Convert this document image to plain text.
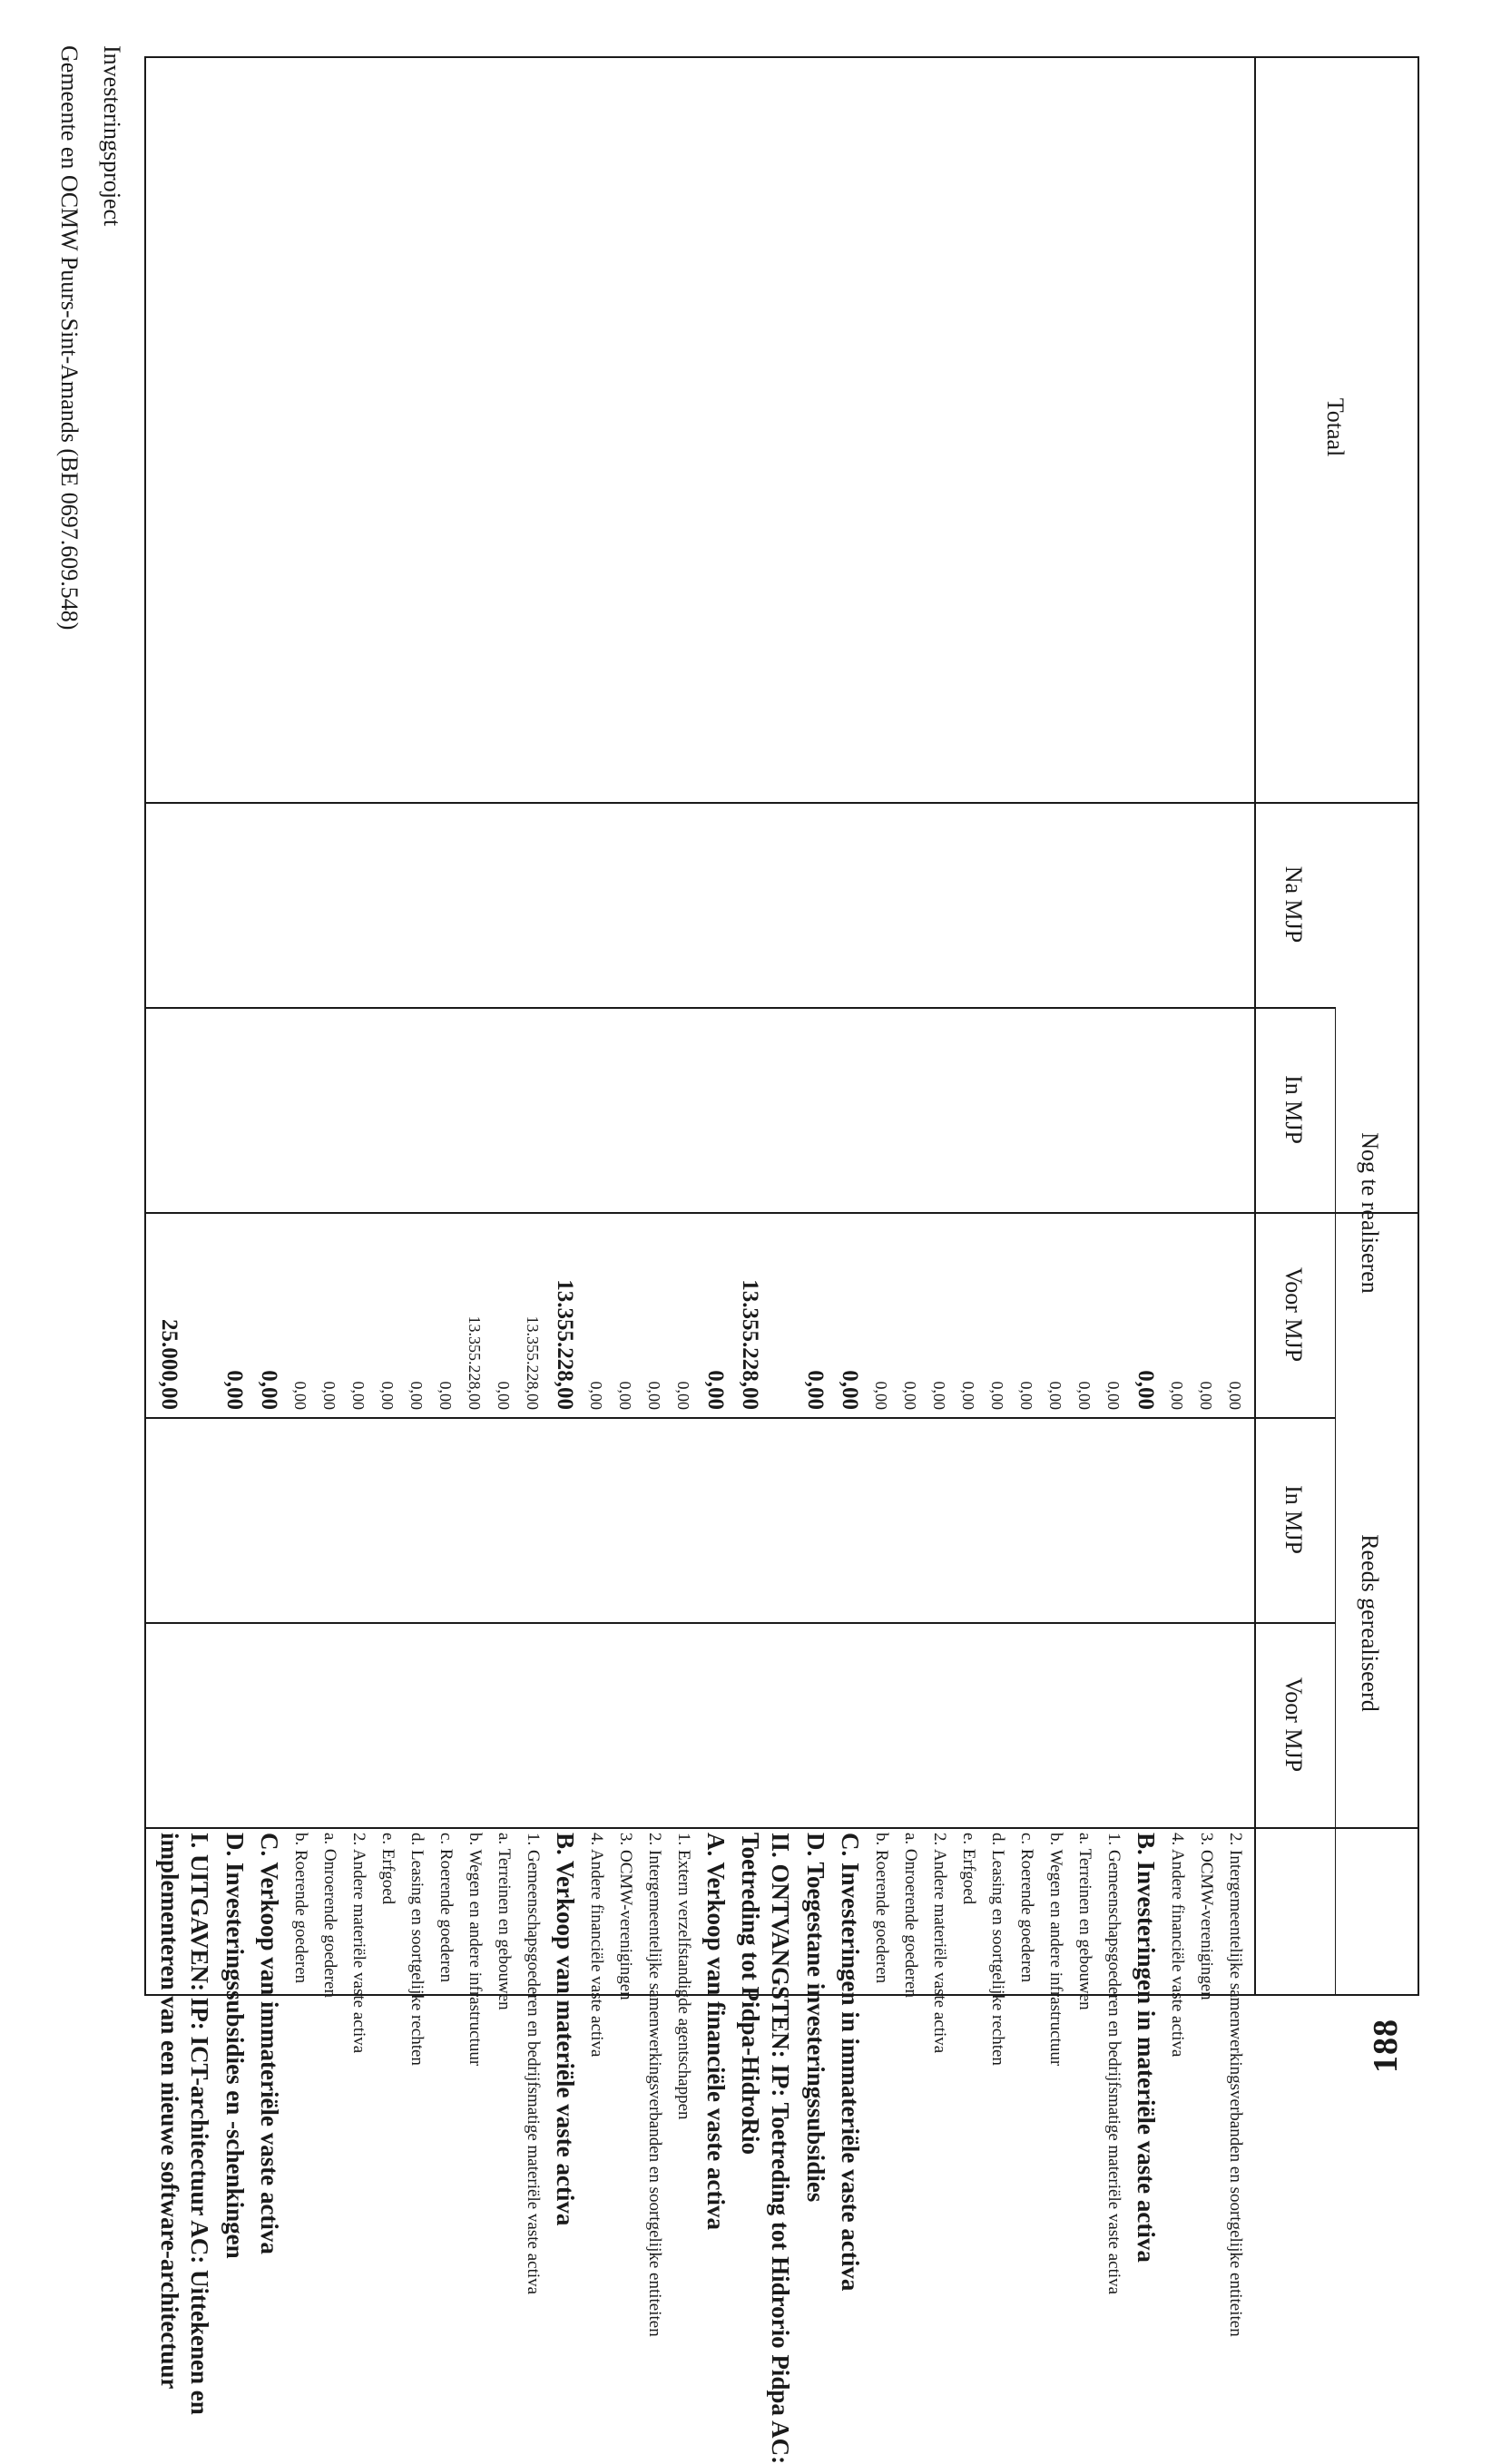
188
Totaal
Na MJP
In MJP
Voor MJP
In MJP
Voor MJP
Nog te realiseren
Reeds gerealiseerd
I. UITGAVEN: IP: ICT-architectuur AC: Uittekenen en
implementeren van een nieuwe software-architectuur
25.000,00
D. Investeringssubsidies en -schenkingen
0,00
C. Verkoop van immateriële vaste activa
0,00
b. Roerende goederen
0,00
a. Onroerende goederen
0,00
2. Andere materiële vaste activa
0,00
e. Erfgoed
0,00
d. Leasing en soortgelijke rechten
0,00
c. Roerende goederen
0,00
b. Wegen en andere infrastructuur
13.355.228,00
a. Terreinen en gebouwen
0,00
1. Gemeenschapsgoederen en bedrijfsmatige materiële vaste activa
13.355.228,00
B. Verkoop van materiële vaste activa
13.355.228,00
4. Andere financiële vaste activa
0,00
3. OCMW-verenigingen
0,00
2. Intergemeentelijke samenwerkingsverbanden en soortgelijke entiteiten
0,00
1. Extern verzelfstandigde agentschappen
0,00
A. Verkoop van financiële vaste activa
0,00
II. ONTVANGSTEN: IP: Toetreding tot Hidrorio Pidpa AC:
Toetreding tot Pidpa-HidroRio
13.355.228,00
D. Toegestane investeringssubsidies
0,00
C. Investeringen in immateriële vaste activa
0,00
b. Roerende goederen
0,00
a. Onroerende goederen
0,00
2. Andere materiële vaste activa
0,00
e. Erfgoed
0,00
d. Leasing en soortgelijke rechten
0,00
c. Roerende goederen
0,00
b. Wegen en andere infrastructuur
0,00
a. Terreinen en gebouwen
0,00
1. Gemeenschapsgoederen en bedrijfsmatige materiële vaste activa
0,00
B. Investeringen in materiële vaste activa
0,00
4. Andere financiële vaste activa
0,00
3. OCMW-verenigingen
0,00
2. Intergemeentelijke samenwerkingsverbanden en soortgelijke entiteiten
0,00
Investeringsproject
Gemeente en OCMW Puurs-Sint-Amands (BE 0697.609.548)
